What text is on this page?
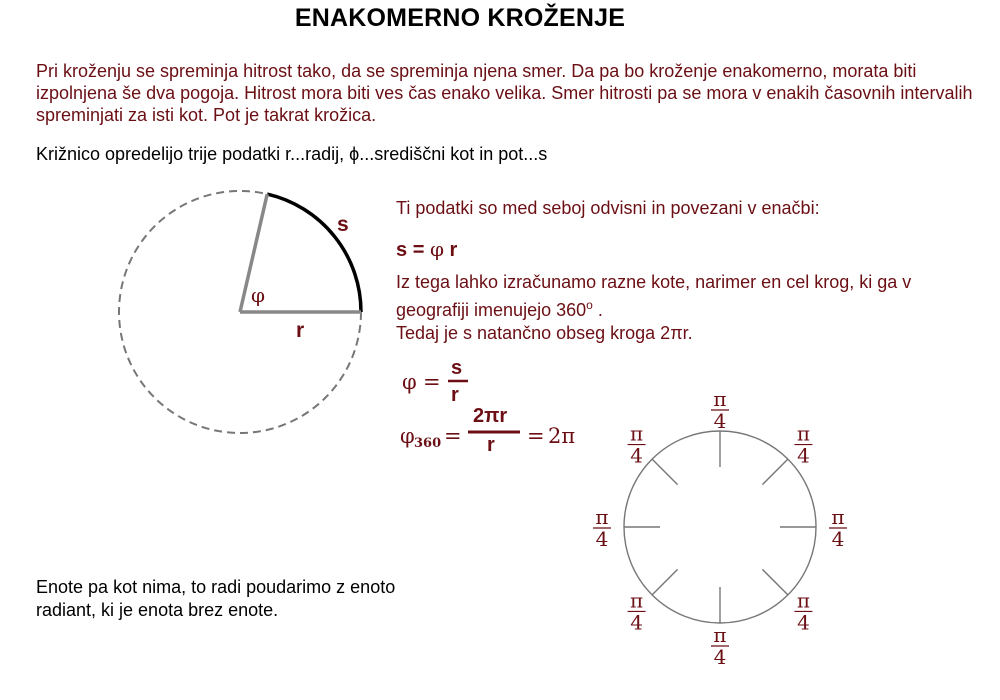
ENAKOMERNO KROŽENJE
Pri kroženju se spreminja hitrost tako, da se spreminja njena smer. Da pa bo kroženje enakomerno, morata biti izpolnjena še dva pogoja. Hitrost mora biti ves čas enako velika. Smer hitrosti pa se mora v enakih časovnih intervalih spreminjati za isti kot. Pot je takrat krožica.
Križnico opredelijo trije podatki r...radij, ϕ...središčni kot in pot...s
s
φ
r
Ti podatki so med seboj odvisni in povezani v enačbi:
s = φ r
Iz tega lahko izračunamo razne kote, narimer en cel krog, ki ga v geografiji imenujejo 360$^o$ .
Tedaj je s natančno obseg kroga 2πr.
φ =
s
r
φ 360 =
2πr
r = 2π
π
4
π
4
π
4
π
4
π
4
π
4
π
4
π
4
Enote pa kot nima, to radi poudarimo z enoto radiant, ki je enota brez enote.
